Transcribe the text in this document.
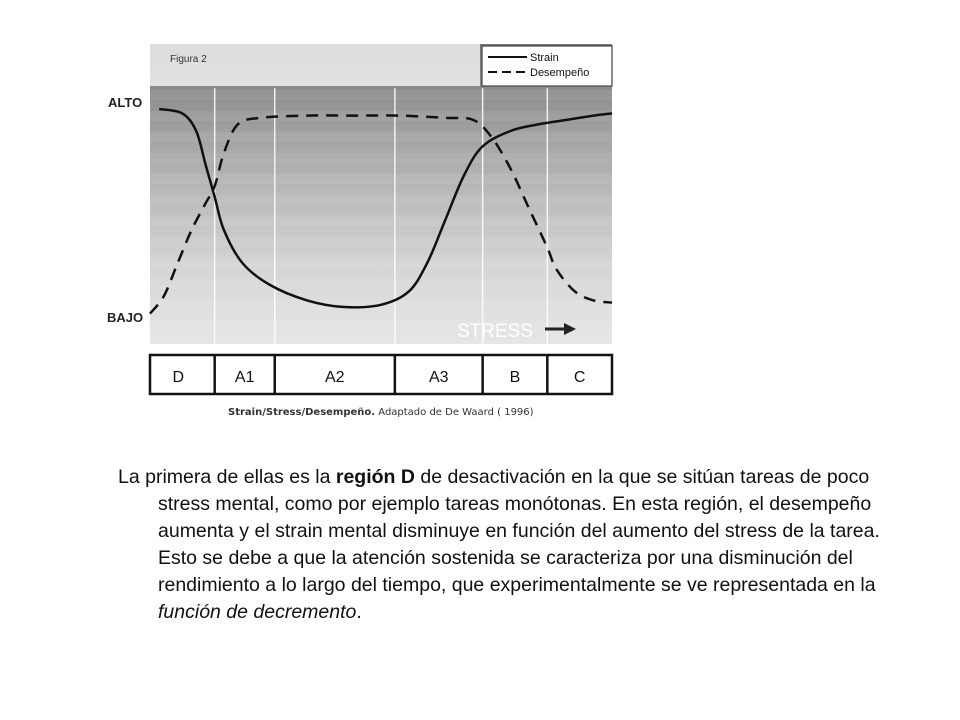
Figura 2	Strain
Desempeño
ALTO
BAJO
STRESS
D	A1	A2	A3	B	C
Strain/Stress/Desempeño. Adaptado de De Waard ( 1996)

La primera de ellas es la región D de desactivación en la que se sitúan tareas de poco stress mental, como por ejemplo tareas monótonas. En esta región, el desempeño aumenta y el strain mental disminuye en función del aumento del stress de la tarea. Esto se debe a que la atención sostenida se caracteriza por una disminución del rendimiento a lo largo del tiempo, que experimentalmente se ve representada en la función de decremento.
